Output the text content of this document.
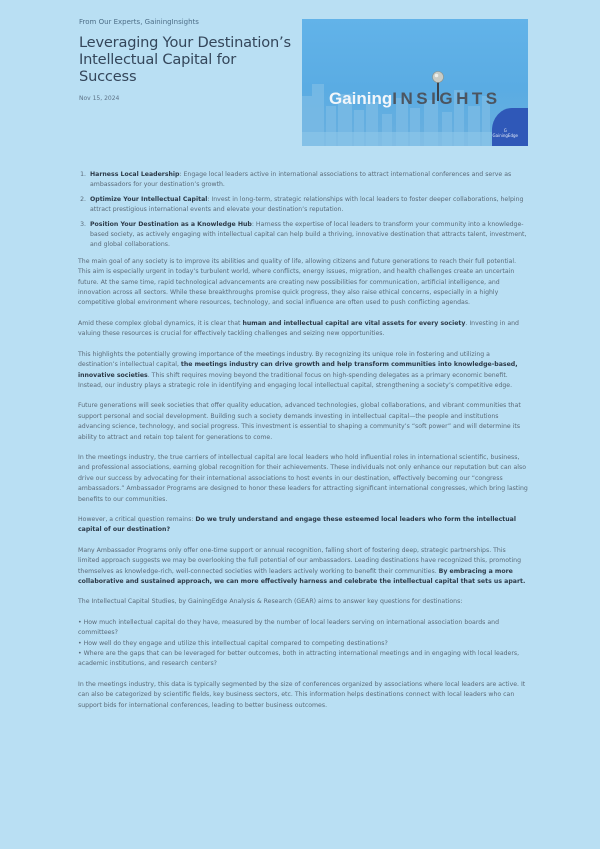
From Our Experts, GainingInsights
Leveraging Your Destination’s Intellectual Capital for Success
Nov 15, 2024	GainingINSIGHTS
G
GainingEdge
1. Harness Local Leadership: Engage local leaders active in international associations to attract international conferences and serve as ambassadors for your destination’s growth.
2. Optimize Your Intellectual Capital: Invest in long-term, strategic relationships with local leaders to foster deeper collaborations, helping attract prestigious international events and elevate your destination’s reputation.
3. Position Your Destination as a Knowledge Hub: Harness the expertise of local leaders to transform your community into a knowledge-based society, as actively engaging with intellectual capital can help build a thriving, innovative destination that attracts talent, investment, and global collaborations.

The main goal of any society is to improve its abilities and quality of life, allowing citizens and future generations to reach their full potential. This aim is especially urgent in today’s turbulent world, where conflicts, energy issues, migration, and health challenges create an uncertain future. At the same time, rapid technological advancements are creating new possibilities for communication, artificial intelligence, and innovation across all sectors. While these breakthroughs promise quick progress, they also raise ethical concerns, especially in a highly competitive global environment where resources, technology, and social influence are often used to push conflicting agendas.

Amid these complex global dynamics, it is clear that human and intellectual capital are vital assets for every society. Investing in and valuing these resources is crucial for effectively tackling challenges and seizing new opportunities.

This highlights the potentially growing importance of the meetings industry. By recognizing its unique role in fostering and utilizing a destination’s intellectual capital, the meetings industry can drive growth and help transform communities into knowledge-based, innovative societies. This shift requires moving beyond the traditional focus on high-spending delegates as a primary economic benefit. Instead, our industry plays a strategic role in identifying and engaging local intellectual capital, strengthening a society’s competitive edge.

Future generations will seek societies that offer quality education, advanced technologies, global collaborations, and vibrant communities that support personal and social development. Building such a society demands investing in intellectual capital—the people and institutions advancing science, technology, and social progress. This investment is essential to shaping a community’s “soft power” and will determine its ability to attract and retain top talent for generations to come.

In the meetings industry, the true carriers of intellectual capital are local leaders who hold influential roles in international scientific, business, and professional associations, earning global recognition for their achievements. These individuals not only enhance our reputation but can also drive our success by advocating for their international associations to host events in our destination, effectively becoming our “congress ambassadors.” Ambassador Programs are designed to honor these leaders for attracting significant international congresses, which bring lasting benefits to our communities.

However, a critical question remains: Do we truly understand and engage these esteemed local leaders who form the intellectual capital of our destination?

Many Ambassador Programs only offer one-time support or annual recognition, falling short of fostering deep, strategic partnerships. This limited approach suggests we may be overlooking the full potential of our ambassadors. Leading destinations have recognized this, promoting themselves as knowledge-rich, well-connected societies with leaders actively working to benefit their communities. By embracing a more collaborative and sustained approach, we can more effectively harness and celebrate the intellectual capital that sets us apart.

The Intellectual Capital Studies, by GainingEdge Analysis & Research (GEAR) aims to answer key questions for destinations:

• How much intellectual capital do they have, measured by the number of local leaders serving on international association boards and committees?
• How well do they engage and utilize this intellectual capital compared to competing destinations?
• Where are the gaps that can be leveraged for better outcomes, both in attracting international meetings and in engaging with local leaders, academic institutions, and research centers?

In the meetings industry, this data is typically segmented by the size of conferences organized by associations where local leaders are active. It can also be categorized by scientific fields, key business sectors, etc. This information helps destinations connect with local leaders who can support bids for international conferences, leading to better business outcomes.
